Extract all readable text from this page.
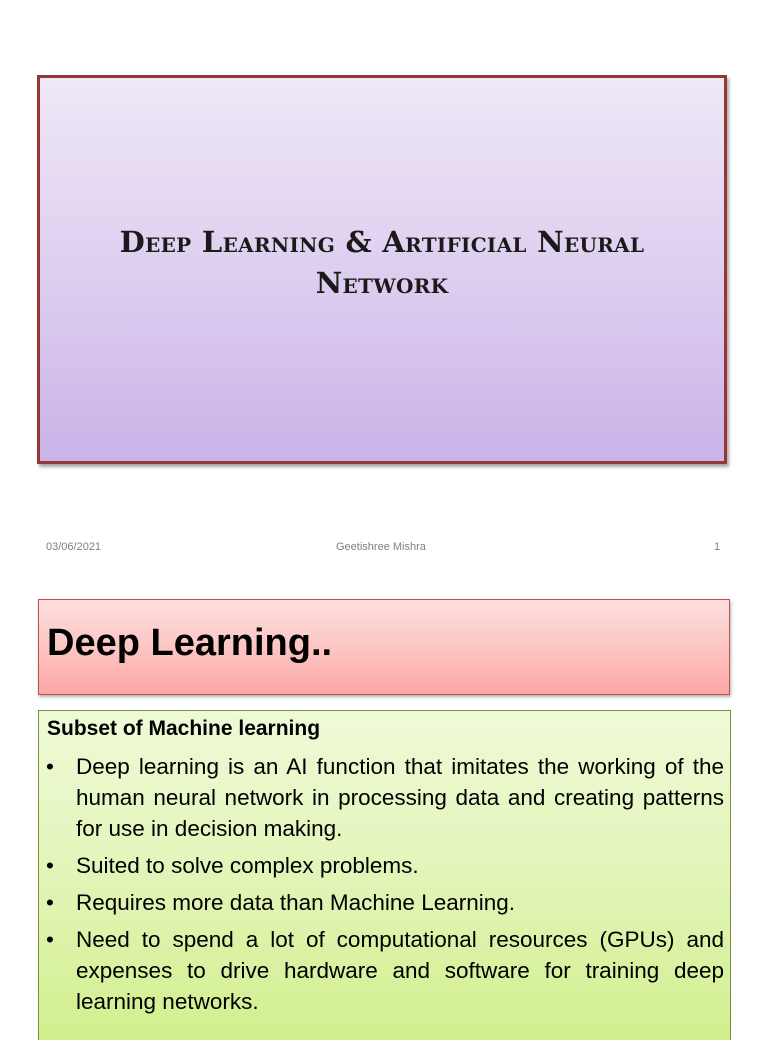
Deep Learning & Artificial Neural
Network
03/06/2021	Geetishree Mishra	1
Deep Learning..
Subset of Machine learning
• Deep learning is an AI function that imitates the working of the human neural network in processing data and creating patterns for use in decision making.
• Suited to solve complex problems.
• Requires more data than Machine Learning.
• Need to spend a lot of computational resources (GPUs) and expenses to drive hardware and software for training deep learning networks.
